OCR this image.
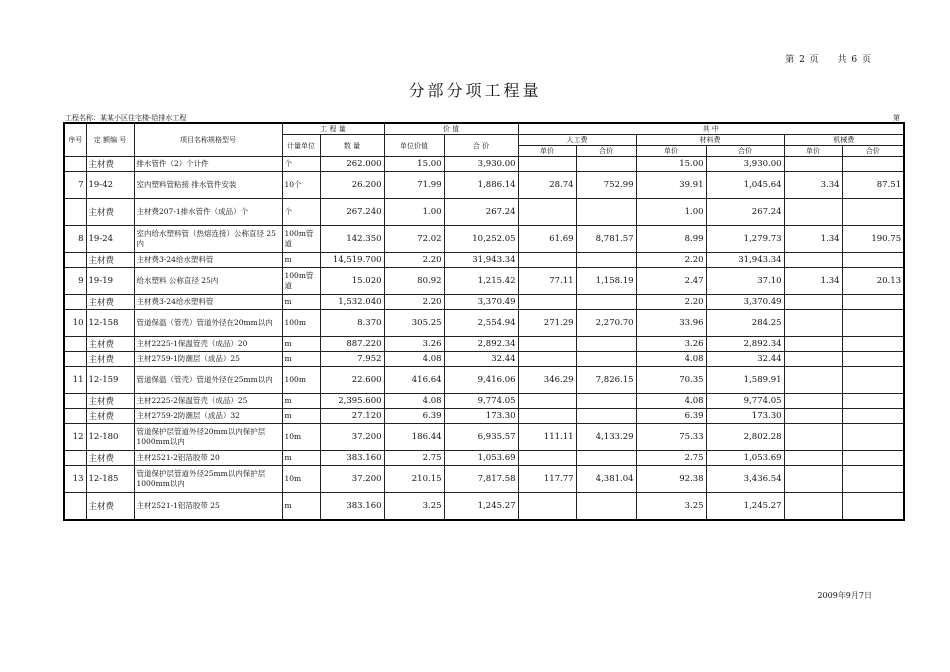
第 2 页 共 6 页
分部分项工程量
工程名称：某某小区住宅楼-给排水工程	第
序号	定 额编 号	项目名称规格型号	工 程 量		价 值		其 中					
			计量单位	数 量	单位价值	合 价	人工费		材料费		机械费	
							单价	合价	单价	合价	单价	合价
	主材费	排水管件（2）个计件	个	262.000	15.00	3,930.00			15.00	3,930.00		
7	19-42	室内塑料管粘接 排水管件安装	10个	26.200	71.99	1,886.14	28.74	752.99	39.91	1,045.64	3.34	87.51
	主材费	主材费207-1排水管件（成品）个	个	267.240	1.00	267.24			1.00	267.24		
8	19-24	室内给水塑料管（热熔连接）公称直径 25内	100m管道	142.350	72.02	10,252.05	61.69	8,781.57	8.99	1,279.73	1.34	190.75
	主材费	主材费3-24给水塑料管	m	14,519.700	2.20	31,943.34			2.20	31,943.34		
9	19-19	给水塑料 公称直径 25内	100m管道	15.020	80.92	1,215.42	77.11	1,158.19	2.47	37.10	1.34	20.13
	主材费	主材费3-24给水塑料管	m	1,532.040	2.20	3,370.49			2.20	3,370.49		
10	12-158	管道保温（管壳）管道外径在20mm以内	100m	8.370	305.25	2,554.94	271.29	2,270.70	33.96	284.25		
	主材费	主材2225-1保温管壳（成品）20	m	887.220	3.26	2,892.34			3.26	2,892.34		
	主材费	主材2759-1防潮层（成品）25	m	7.952	4.08	32.44			4.08	32.44		
11	12-159	管道保温（管壳）管道外径在25mm以内	100m	22.600	416.64	9,416.06	346.29	7,826.15	70.35	1,589.91		
	主材费	主材2225-2保温管壳（成品）25	m	2,395.600	4.08	9,774.05			4.08	9,774.05		
	主材费	主材2759-2防潮层（成品）32	m	27.120	6.39	173.30			6.39	173.30		
12	12-180	管道保护层管道外径20mm以内保护层1000mm以内	10m	37.200	186.44	6,935.57	111.11	4,133.29	75.33	2,802.28		
	主材费	主材2521-2铝箔胶带 20	m	383.160	2.75	1,053.69			2.75	1,053.69		
13	12-185	管道保护层管道外径25mm以内保护层1000mm以内	10m	37.200	210.15	7,817.58	117.77	4,381.04	92.38	3,436.54		
	主材费	主材2521-1铝箔胶带 25	m	383.160	3.25	1,245.27			3.25	1,245.27		
2009年9月7日
